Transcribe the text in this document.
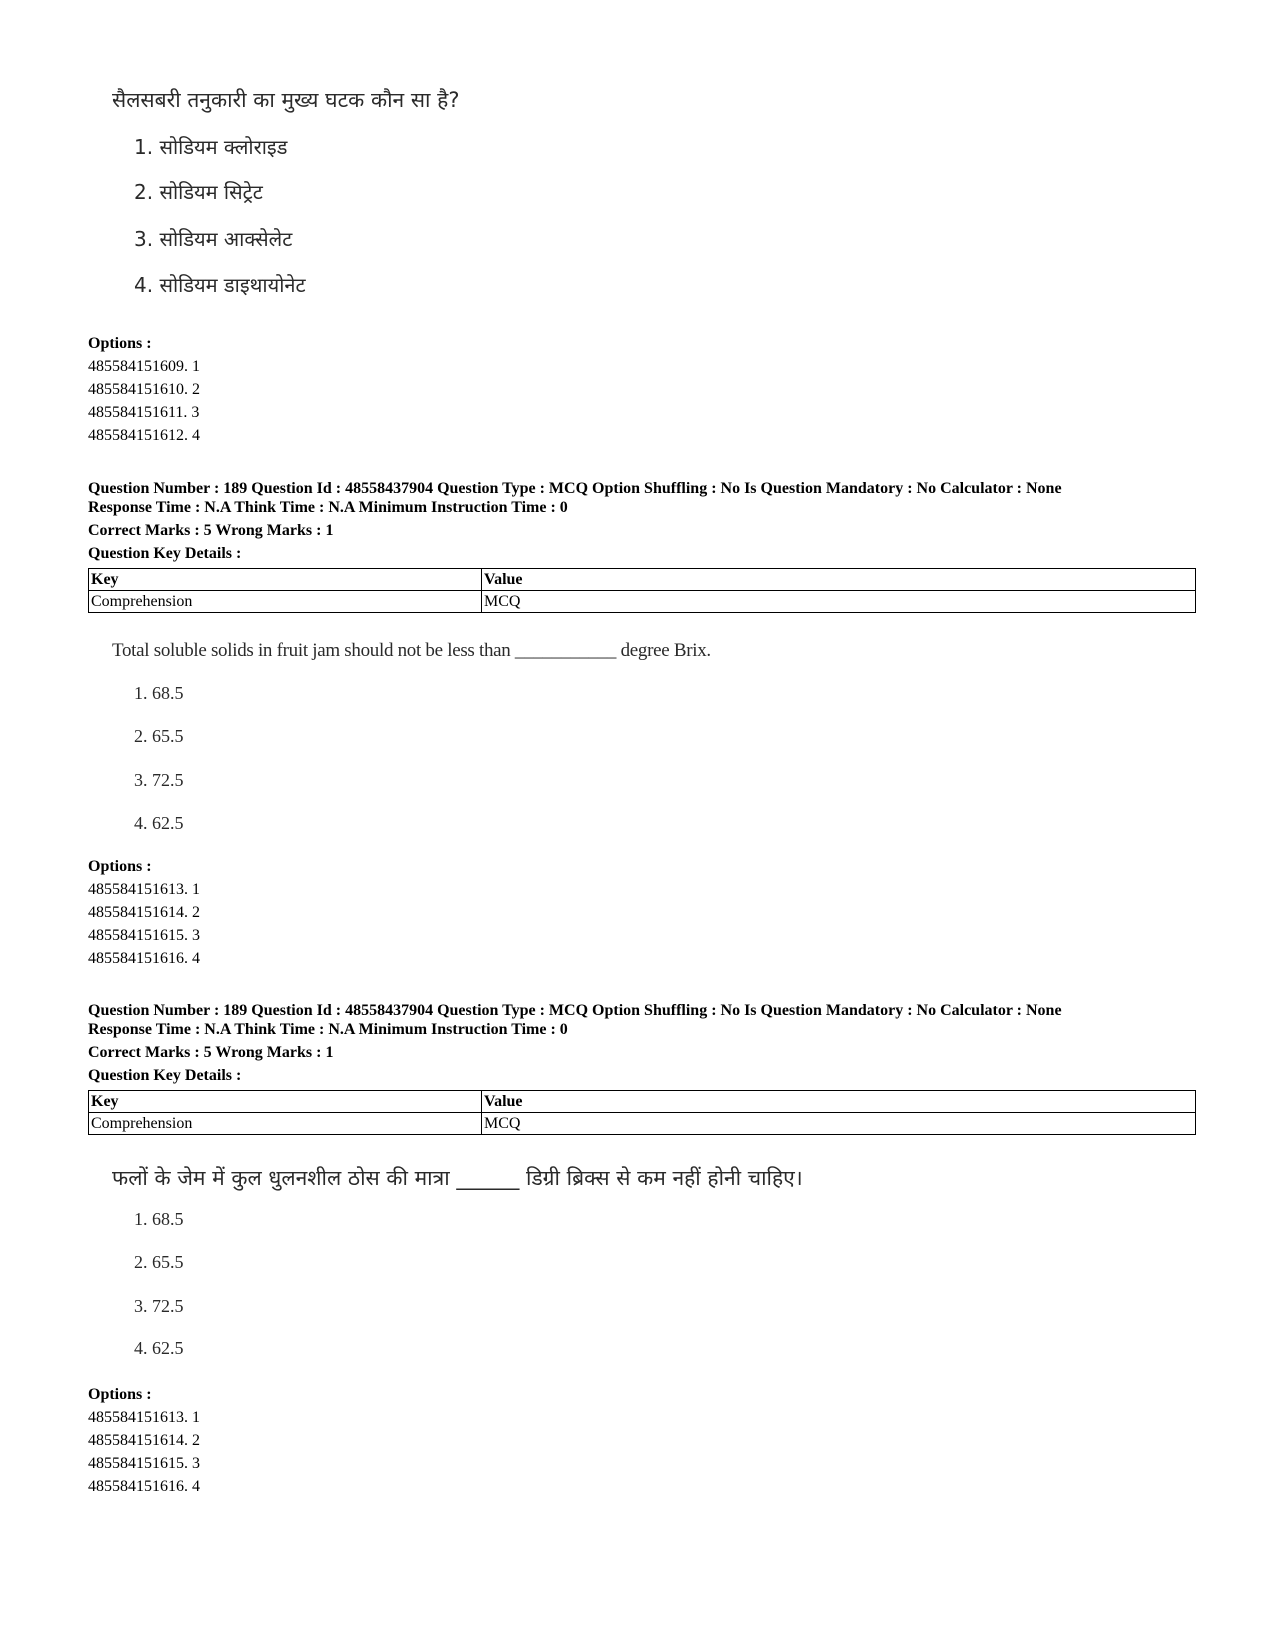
सैलसबरी तनुकारी का मुख्य घटक कौन सा है?
1. सोडियम क्लोराइड
2. सोडियम सिट्रेट
3. सोडियम आक्सेलेट
4. सोडियम डाइथायोनेट
Options :
485584151609. 1
485584151610. 2
485584151611. 3
485584151612. 4
Question Number : 189 Question Id : 48558437904 Question Type : MCQ Option Shuffling : No Is Question Mandatory : No Calculator : None
Response Time : N.A Think Time : N.A Minimum Instruction Time : 0
Correct Marks : 5 Wrong Marks : 1
Question Key Details :
Key	Value
Comprehension	MCQ
Total soluble solids in fruit jam should not be less than ___________ degree Brix.
1. 68.5
2. 65.5
3. 72.5
4. 62.5
Options :
485584151613. 1
485584151614. 2
485584151615. 3
485584151616. 4
Question Number : 189 Question Id : 48558437904 Question Type : MCQ Option Shuffling : No Is Question Mandatory : No Calculator : None
Response Time : N.A Think Time : N.A Minimum Instruction Time : 0
Correct Marks : 5 Wrong Marks : 1
Question Key Details :
Key	Value
Comprehension	MCQ
फलों के जेम में कुल धुलनशील ठोस की मात्रा ______ डिग्री ब्रिक्स से कम नहीं होनी चाहिए।
1. 68.5
2. 65.5
3. 72.5
4. 62.5
Options :
485584151613. 1
485584151614. 2
485584151615. 3
485584151616. 4
